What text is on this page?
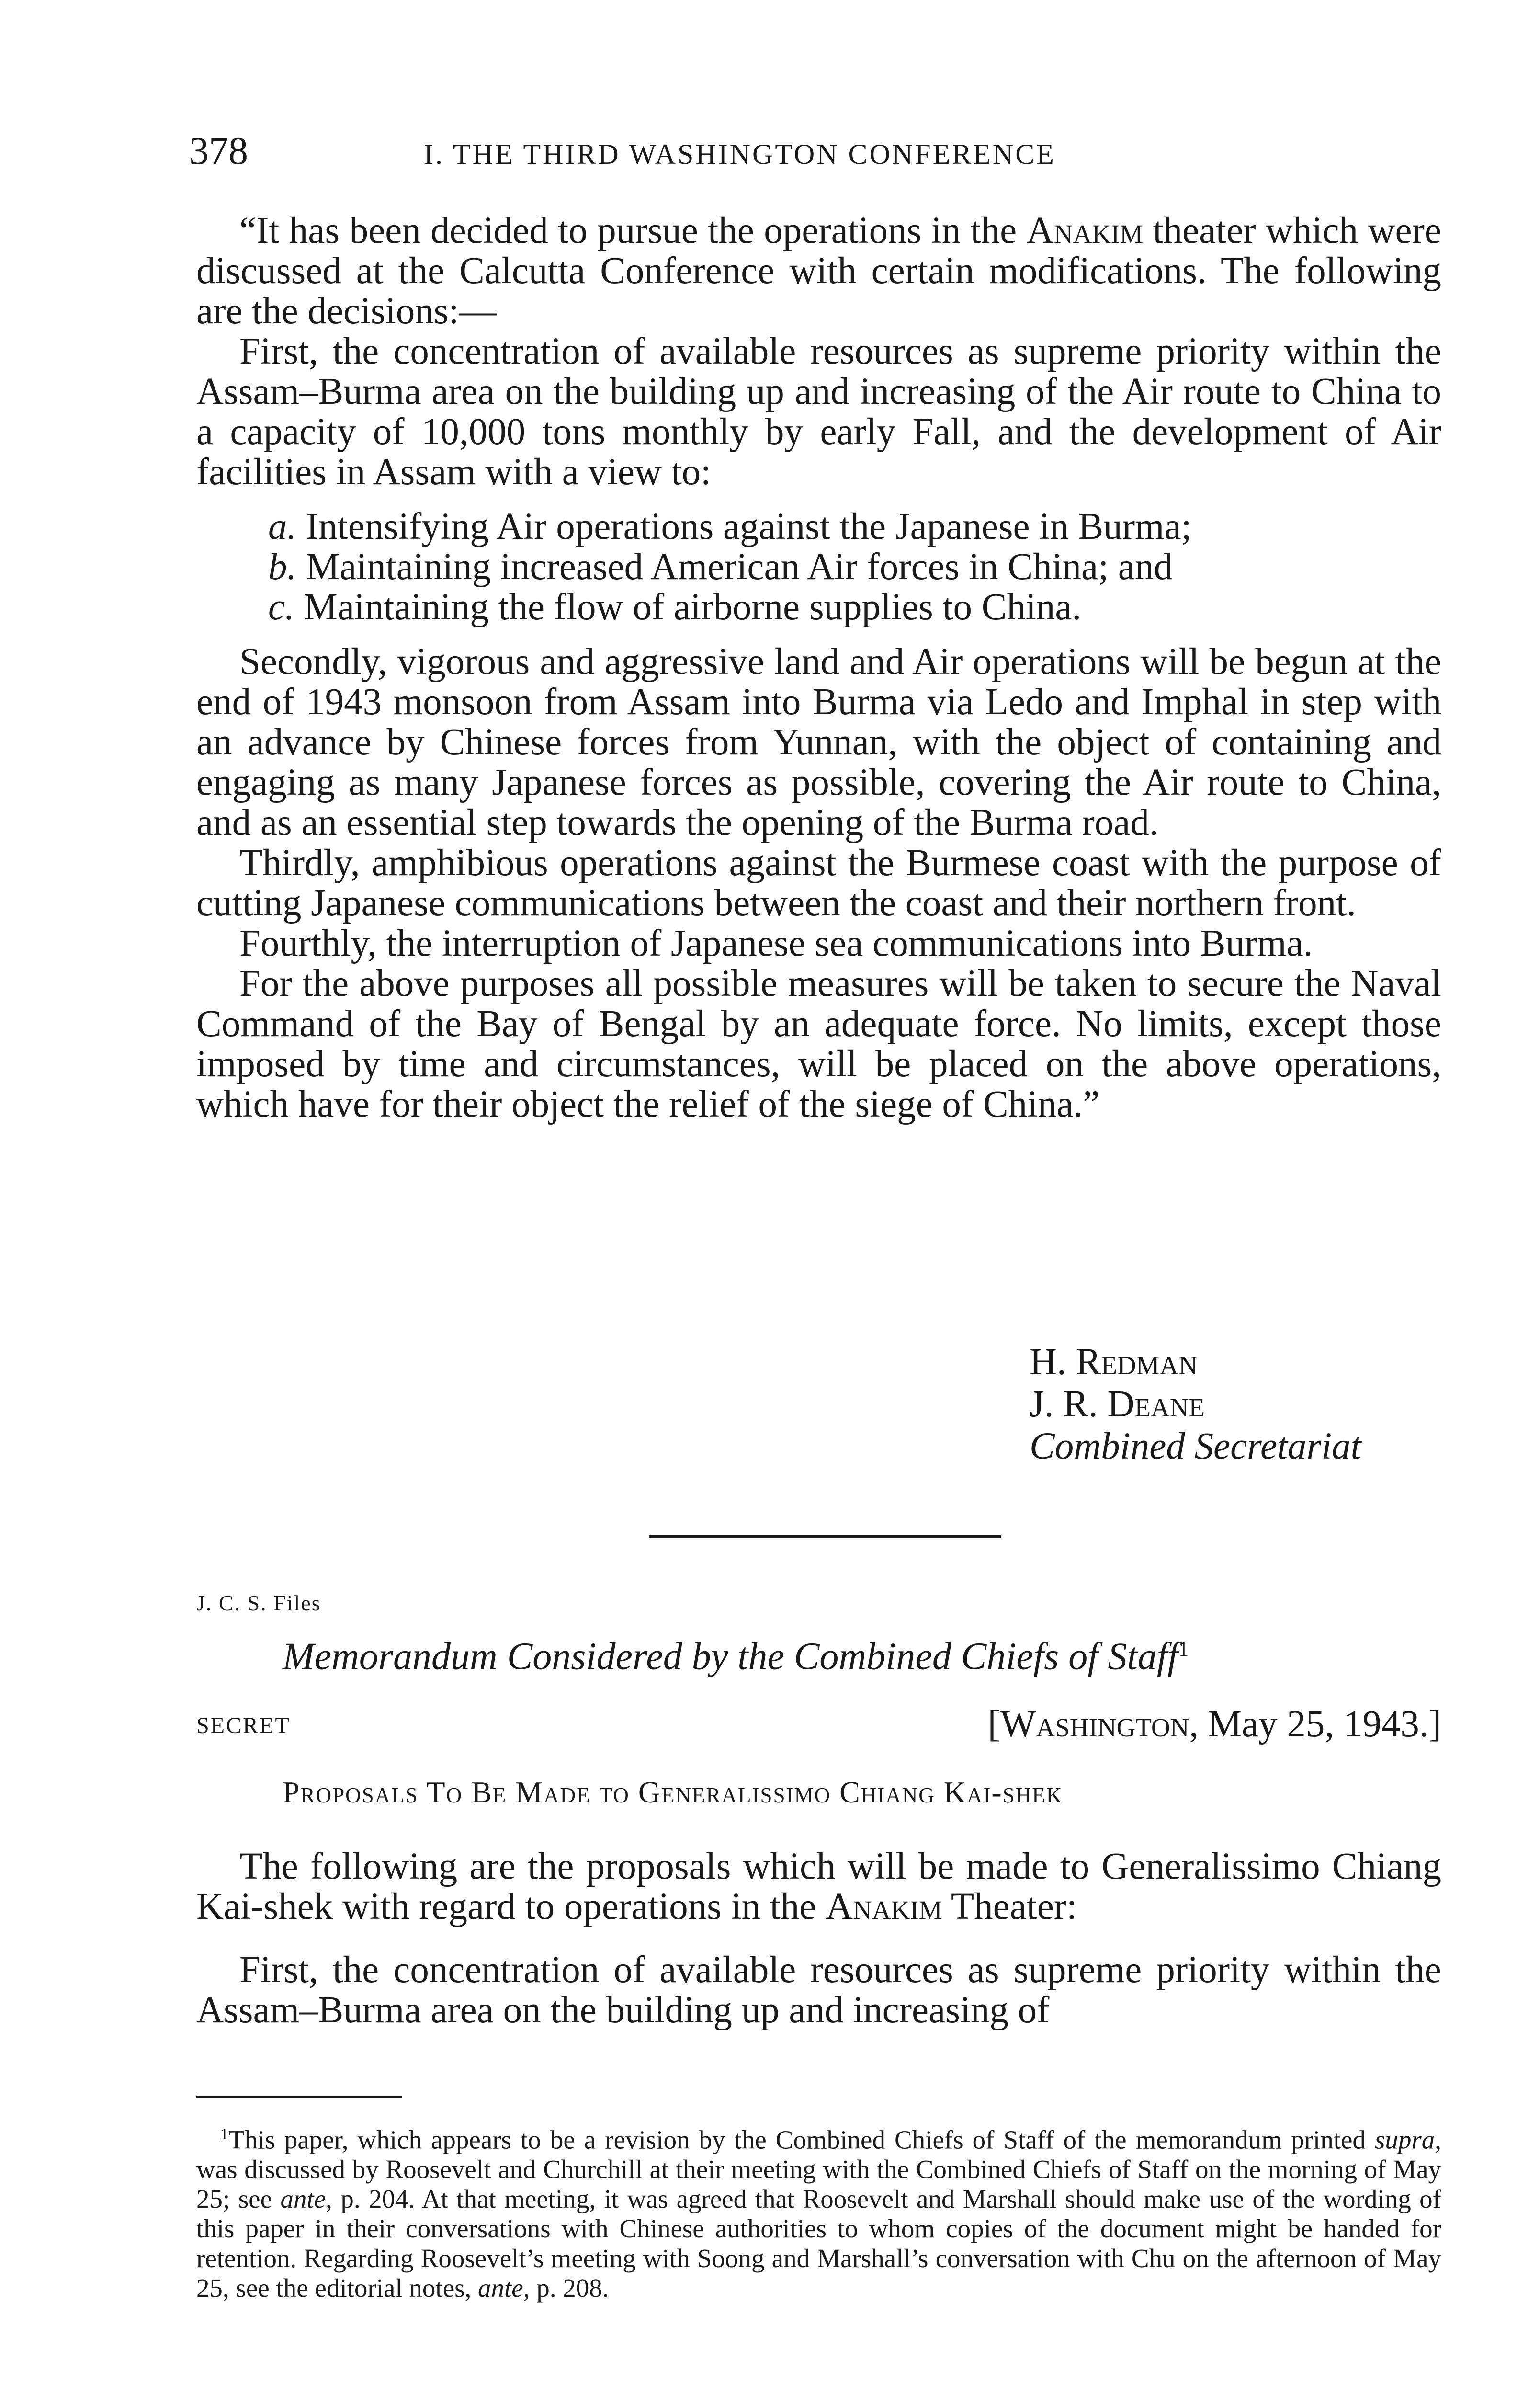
378	I. THE THIRD WASHINGTON CONFERENCE

“It has been decided to pursue the operations in the Anakim theater which were discussed at the Calcutta Conference with certain modifications. The following are the decisions:—

First, the concentration of available resources as supreme priority within the Assam–Burma area on the building up and increasing of the Air route to China to a capacity of 10,000 tons monthly by early Fall, and the development of Air facilities in Assam with a view to:

a. Intensifying Air operations against the Japanese in Burma;
b. Maintaining increased American Air forces in China; and
c. Maintaining the flow of airborne supplies to China.

Secondly, vigorous and aggressive land and Air operations will be begun at the end of 1943 monsoon from Assam into Burma via Ledo and Imphal in step with an advance by Chinese forces from Yunnan, with the object of containing and engaging as many Japanese forces as possible, covering the Air route to China, and as an essential step towards the opening of the Burma road.

Thirdly, amphibious operations against the Burmese coast with the purpose of cutting Japanese communications between the coast and their northern front.

Fourthly, the interruption of Japanese sea communications into Burma.

For the above purposes all possible measures will be taken to secure the Naval Command of the Bay of Bengal by an adequate force. No limits, except those imposed by time and circumstances, will be placed on the above operations, which have for their object the relief of the siege of China.”

H. Redman
J. R. Deane
Combined Secretariat
J. C. S. Files
Memorandum Considered by the Combined Chiefs of Staff$^1$
SECRET	[Washington, May 25, 1943.]
Proposals To Be Made to Generalissimo Chiang Kai-shek

The following are the proposals which will be made to Generalissimo Chiang Kai-shek with regard to operations in the Anakim Theater:

First, the concentration of available resources as supreme priority within the Assam–Burma area on the building up and increasing of

$^1$This paper, which appears to be a revision by the Combined Chiefs of Staff of the memorandum printed supra, was discussed by Roosevelt and Churchill at their meeting with the Combined Chiefs of Staff on the morning of May 25; see ante, p. 204. At that meeting, it was agreed that Roosevelt and Marshall should make use of the wording of this paper in their conversations with Chinese authorities to whom copies of the document might be handed for retention. Regarding Roosevelt’s meeting with Soong and Marshall’s conversation with Chu on the afternoon of May 25, see the editorial notes, ante, p. 208.
